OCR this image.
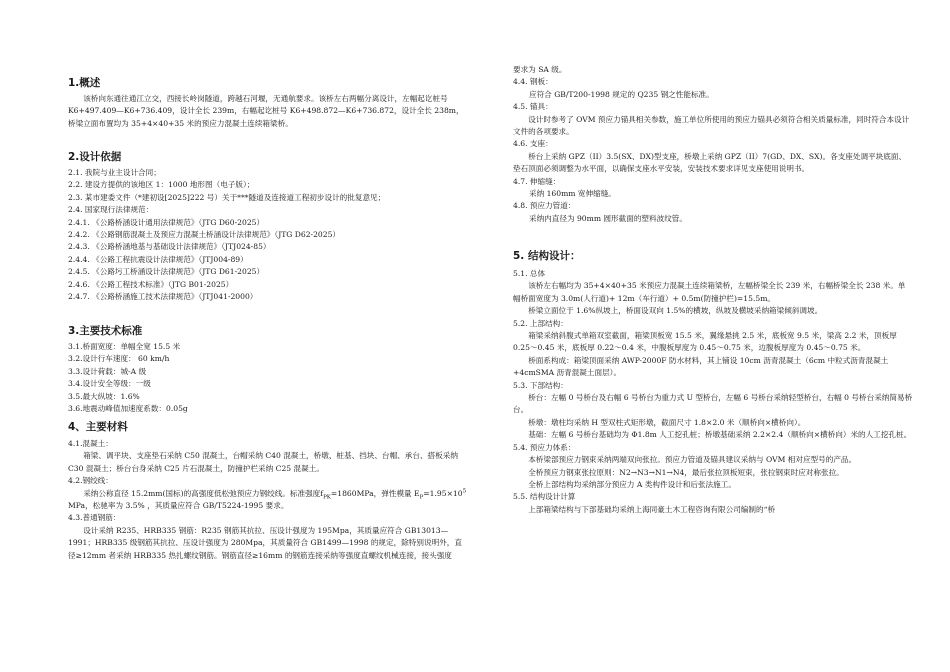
1.概述

该桥向东通往通江立交，西接长岭岗隧道，跨越石河堰，无通航要求。该桥左右两幅分离设计，左幅起讫桩号 K6+497.409—K6+736.409，设计全长 239m，右幅起讫桩号 K6+498.872—K6+736.872，设计全长 238m，桥梁立面布置均为 35+4×40+35 米的预应力混凝土连续箱梁桥。

2.设计依据

2.1. 我院与业主设计合同；

2.2. 建设方提供的该地区 1：1000 地形图（电子版）；

2.3. 某市建委文件（*建初设[2025]222 号）关于***隧道及连接道工程初步设计的批复意见；

2.4. 国家现行法律规范：

2.4.1. 《公路桥涵设计通用法律规范》（JTG D60-2025）

2.4.2. 《公路钢筋混凝土及预应力混凝土桥涵设计法律规范》（JTG D62-2025）

2.4.3. 《公路桥涵地基与基础设计法律规范》（JTJ024-85）

2.4.4. 《公路工程抗震设计法律规范》（JTJ004-89）

2.4.5. 《公路圬工桥涵设计法律规范》（JTG D61-2025）

2.4.6. 《公路工程技术标准》（JTG B01-2025）

2.4.7. 《公路桥涵施工技术法律规范》（JTJ041-2000）

3.主要技术标准

3.1.桥面宽度：单幅全宽 15.5 米

3.2.设计行车速度： 60 km/h

3.3.设计荷载：城-A 级

3.4.设计安全等级：一级

3.5.最大纵坡：1.6%

3.6.地震动峰值加速度系数：0.05g

4、主要材料

4.1.混凝土：

箱梁、调平块、支座垫石采纳 C50 混凝土，台帽采纳 C40 混凝土，桥墩、桩基、挡块、台帽、承台、搭板采纳 C30 混凝土；桥台台身采纳 C25 片石混凝土，防撞护栏采纳 C25 混凝土。

4.2.钢绞线：

采纳公称直径 15.2mm(国标)的高强度低松弛预应力钢绞线。标准强度$f_{PK}=1860MPa$，弹性模量 $E_P=1.95\times 10^5$ MPa，松驰率为 3.5% ，其质量应符合 GB/T5224-1995 要求。

4.3.普通钢筋：

设计采纳 R235、HRB335 钢筋：R235 钢筋其抗拉、压设计强度为 195Mpa，其质量应符合 GB13013—1991；HRB335 级钢筋其抗拉、压设计强度为 280Mpa，其质量符合 GB1499—1998 的规定，除特别说明外，直径≥12mm 者采纳 HRB335 热扎螺纹钢筋。钢筋直径≥16mm 的钢筋连接采纳等强度直螺纹机械连接，接头强度

要求为 SA 级。

4.4. 钢板：

应符合 GB/T200-1998 规定的 Q235 钢之性能标准。

4.5. 锚具：

设计时参考了 OVM 预应力锚具相关参数，施工单位所使用的预应力锚具必须符合相关质量标准，同时符合本设计文件的各项要求。

4.6. 支座：

桥台上采纳 GPZ（II）3.5(SX、DX)型支座，桥墩上采纳 GPZ（II）7(GD、DX、SX)。各支座处调平块底面、垫石顶面必须调整为水平面，以确保支座水平安装，安装技术要求详见支座使用说明书。

4.7. 伸缩缝：

采纳 160mm 宽伸缩缝。

4.8. 预应力管道：

采纳内直径为 90mm 圆形截面的塑料波纹管。

5. 结构设计：

5.1. 总体

该桥左右幅均为 35+4×40+35 米预应力混凝土连续箱梁桥，左幅桥梁全长 239 米，右幅桥梁全长 238 米。单幅桥面宽度为 3.0m(人行道)+ 12m（车行道）+ 0.5m(防撞护栏)=15.5m。

桥梁立面位于 1.6%纵坡上，桥面设双向 1.5%的横坡，纵坡及横坡采纳箱梁倾斜调坡。

5.2. 上部结构：

箱梁采纳斜腹式单箱双室截面，箱梁顶板宽 15.5 米，翼缘悬挑 2.5 米，底板宽 9.5 米，梁高 2.2 米，顶板厚 0.25～0.45 米，底板厚 0.22～0.4 米，中腹板厚度为 0.45～0.75 米，边腹板厚度为 0.45～0.75 米。

桥面系构成：箱梁顶面采纳 AWP-2000F 防水材料，其上铺设 10cm 沥青混凝土（6cm 中粒式沥青混凝土+4cmSMA 沥青混凝土面层）。

5.3. 下部结构：

桥台：左幅 0 号桥台及右幅 6 号桥台为重力式 U 型桥台，左幅 6 号桥台采纳轻型桥台，右幅 0 号桥台采纳简易桥台。

桥墩：墩柱均采纳 H 型双柱式矩形墩，截面尺寸 1.8×2.0 米（顺桥向×横桥向）。

基础：左幅 6 号桥台基础均为 Φ1.8m 人工挖孔桩；桥墩基础采纳 2.2×2.4（顺桥向×横桥向）米的人工挖孔桩。

5.4. 预应力体系：

本桥梁部预应力钢束采纳两端双向张拉。预应力管道及锚具建议采纳与 OVM 相对应型号的产品。

全桥预应力钢束张拉原则：N2→N3→N1→N4，最后张拉顶板短束，张拉钢束时应对称张拉。

全桥上部结构均采纳部分预应力 A 类构件设计和后张法施工。

5.5. 结构设计计算

上部箱梁结构与下部基础均采纳上海同豪土木工程咨询有限公司编制的“桥
